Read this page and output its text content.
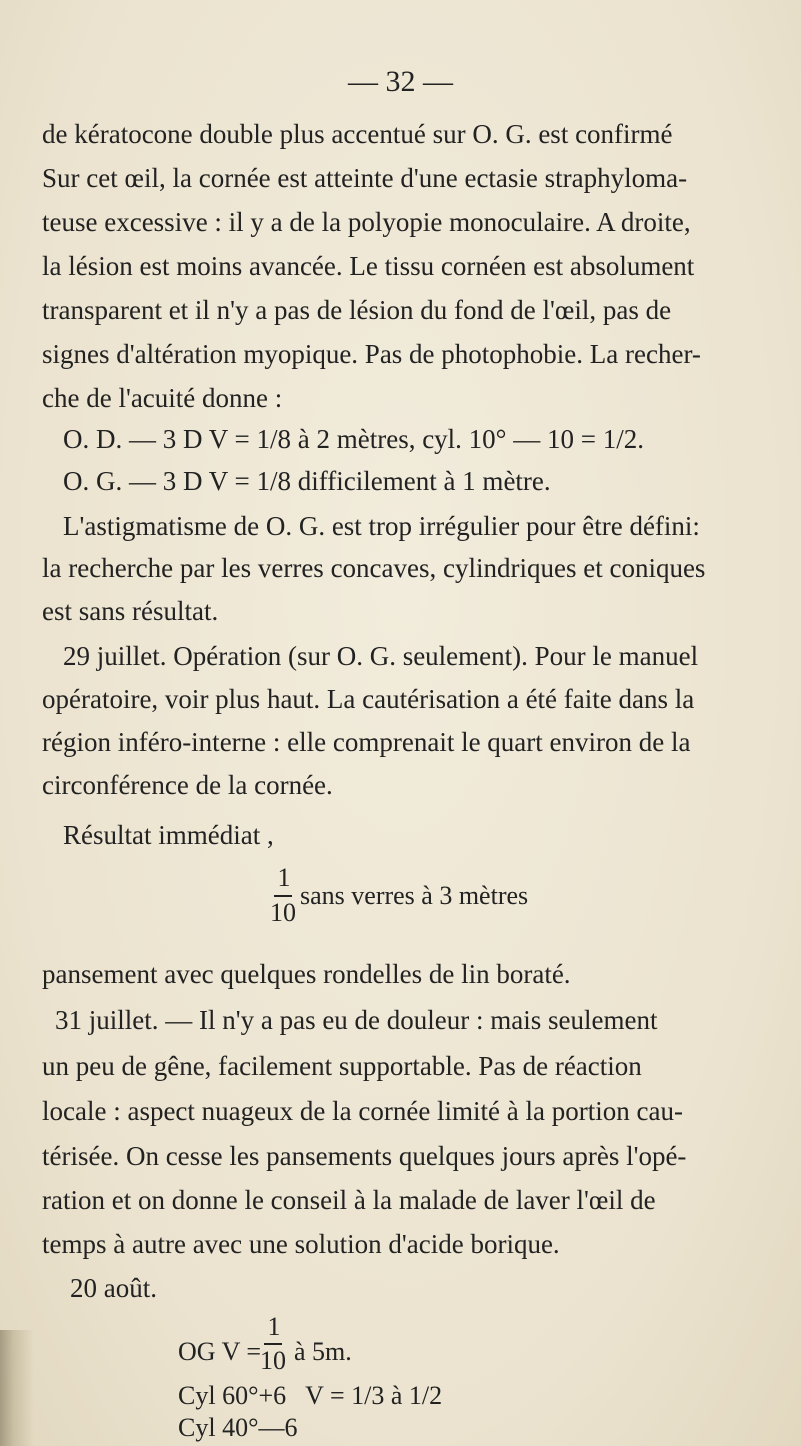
— 32 —
de kératocone double plus accentué sur O. G. est confirmé
Sur cet œil, la cornée est atteinte d'une ectasie straphyloma-
teuse excessive : il y a de la polyopie monoculaire. A droite,
la lésion est moins avancée. Le tissu cornéen est absolument
transparent et il n'y a pas de lésion du fond de l'œil, pas de
signes d'altération myopique. Pas de photophobie. La recher-
che de l'acuité donne :
O. D. — 3 D V = 1/8 à 2 mètres, cyl. 10° — 10 = 1/2.
O. G. — 3 D V = 1/8 difficilement à 1 mètre.
L'astigmatisme de O. G. est trop irrégulier pour être défini:
la recherche par les verres concaves, cylindriques et coniques
est sans résultat.
29 juillet. Opération (sur O. G. seulement). Pour le manuel
opératoire, voir plus haut. La cautérisation a été faite dans la
région inféro-interne : elle comprenait le quart environ de la
circonférence de la cornée.
Résultat immédiat ,
1
10
sans verres à 3 mètres
pansement avec quelques rondelles de lin boraté.
31 juillet. — Il n'y a pas eu de douleur : mais seulement
un peu de gêne, facilement supportable. Pas de réaction
locale : aspect nuageux de la cornée limité à la portion cau-
térisée. On cesse les pansements quelques jours après l'opé-
ration et on donne le conseil à la malade de laver l'œil de
temps à autre avec une solution d'acide borique.
20 août.
OG V =
1
10 à 5m.
Cyl 60°+6   V = 1/3 à 1/2
Cyl 40°—6
